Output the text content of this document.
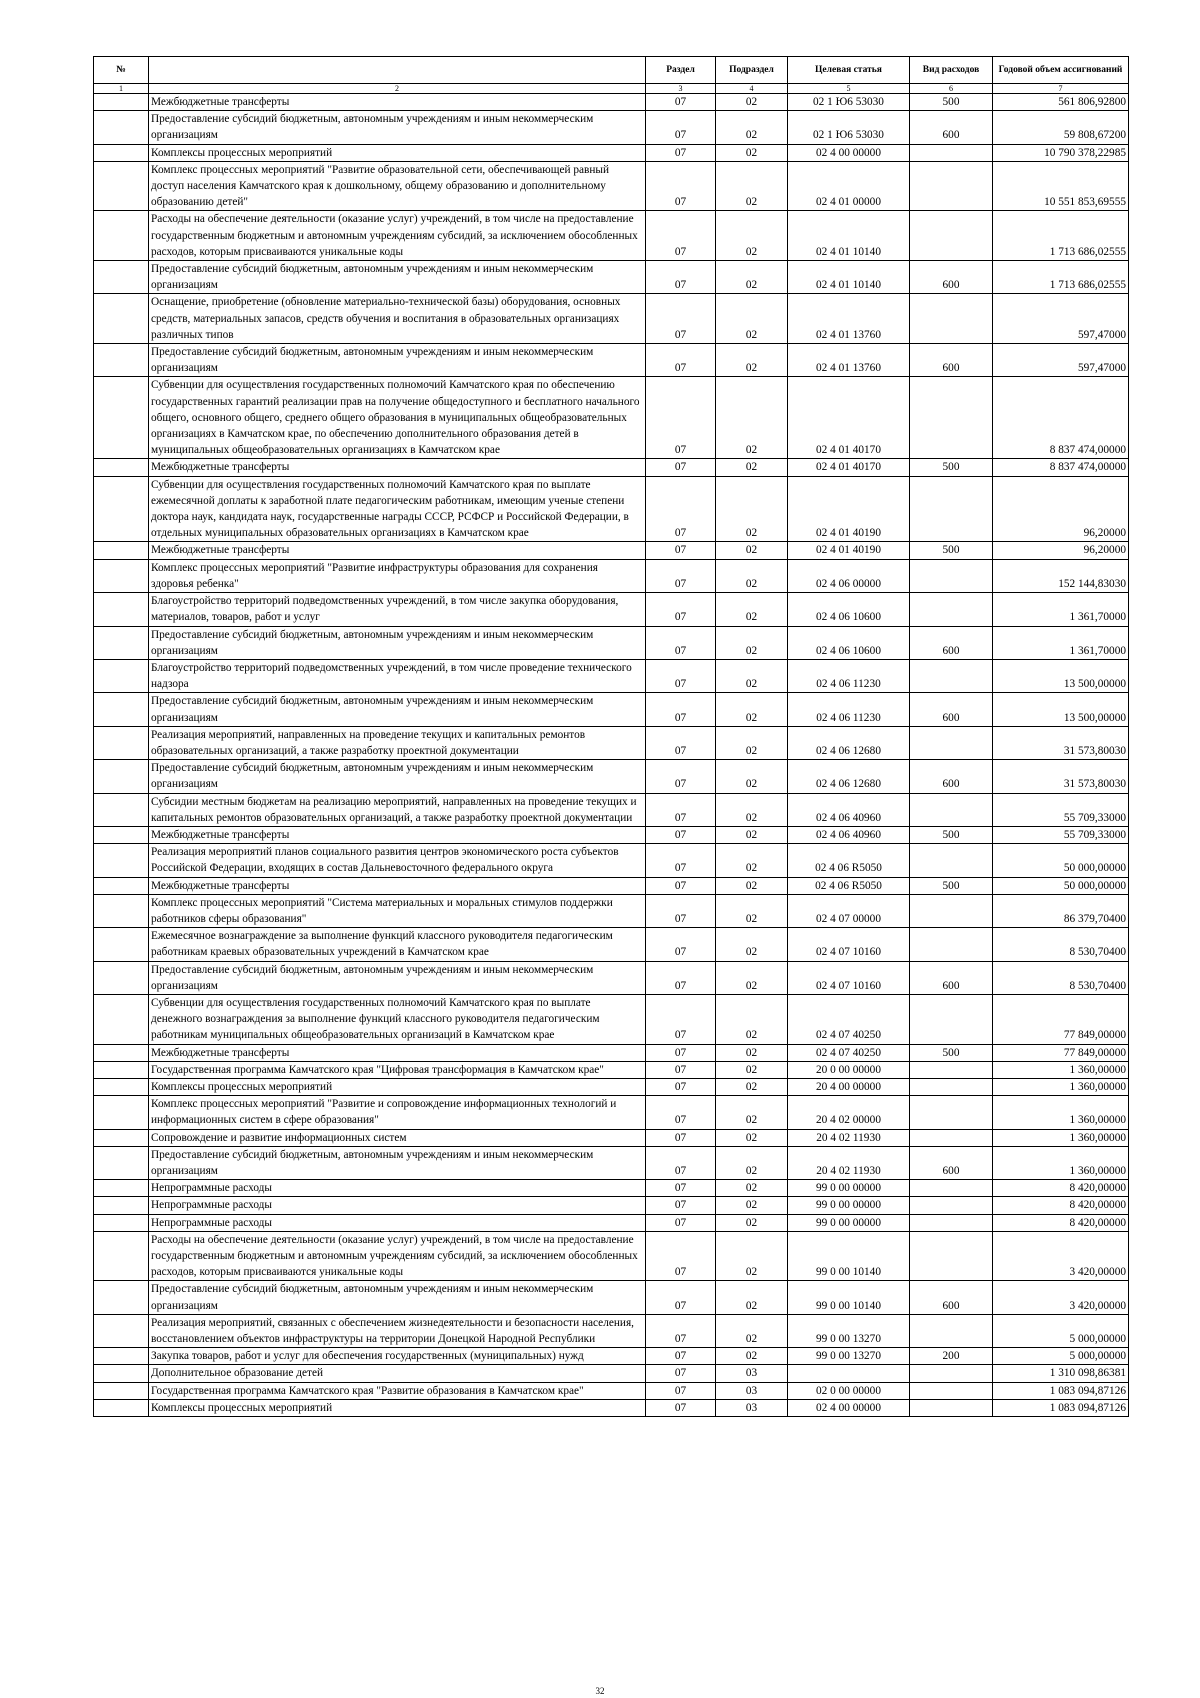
№		Раздел	Подраздел	Целевая статья	Вид расходов	Годовой объем ассигнований
1	2	3	4	5	6	7
	Межбюджетные трансферты	07	02	02 1 Ю6 53030	500	561 806,92800
	Предоставление субсидий бюджетным, автономным учреждениям и иным некоммерческим организациям	07	02	02 1 Ю6 53030	600	59 808,67200
	Комплексы процессных мероприятий	07	02	02 4 00 00000		10 790 378,22985
	Комплекс процессных мероприятий "Развитие образовательной сети, обеспечивающей равный доступ населения Камчатского края к дошкольному, общему образованию и дополнительному образованию детей"	07	02	02 4 01 00000		10 551 853,69555
	Расходы на обеспечение деятельности (оказание услуг) учреждений, в том числе на предоставление государственным бюджетным и автономным учреждениям субсидий, за исключением обособленных расходов, которым присваиваются уникальные коды	07	02	02 4 01 10140		1 713 686,02555
	Предоставление субсидий бюджетным, автономным учреждениям и иным некоммерческим организациям	07	02	02 4 01 10140	600	1 713 686,02555
	Оснащение, приобретение (обновление материально-технической базы) оборудования, основных средств, материальных запасов, средств обучения и воспитания в образовательных организациях различных типов	07	02	02 4 01 13760		597,47000
	Предоставление субсидий бюджетным, автономным учреждениям и иным некоммерческим организациям	07	02	02 4 01 13760	600	597,47000
	Субвенции для осуществления государственных полномочий Камчатского края по обеспечению государственных гарантий реализации прав на получение общедоступного и бесплатного начального общего, основного общего, среднего общего образования в муниципальных общеобразовательных организациях в Камчатском крае, по обеспечению дополнительного образования детей в муниципальных общеобразовательных организациях в Камчатском крае	07	02	02 4 01 40170		8 837 474,00000
	Межбюджетные трансферты	07	02	02 4 01 40170	500	8 837 474,00000
	Субвенции для осуществления государственных полномочий Камчатского края по выплате ежемесячной доплаты к заработной плате педагогическим работникам, имеющим ученые степени доктора наук, кандидата наук, государственные награды СССР, РСФСР и Российской Федерации, в отдельных муниципальных образовательных организациях в Камчатском крае	07	02	02 4 01 40190		96,20000
	Межбюджетные трансферты	07	02	02 4 01 40190	500	96,20000
	Комплекс процессных мероприятий "Развитие инфраструктуры образования для сохранения здоровья ребенка"	07	02	02 4 06 00000		152 144,83030
	Благоустройство территорий подведомственных учреждений, в том числе закупка оборудования, материалов, товаров, работ и услуг	07	02	02 4 06 10600		1 361,70000
	Предоставление субсидий бюджетным, автономным учреждениям и иным некоммерческим организациям	07	02	02 4 06 10600	600	1 361,70000
	Благоустройство территорий подведомственных учреждений, в том числе проведение технического надзора	07	02	02 4 06 11230		13 500,00000
	Предоставление субсидий бюджетным, автономным учреждениям и иным некоммерческим организациям	07	02	02 4 06 11230	600	13 500,00000
	Реализация мероприятий, направленных на проведение текущих и капитальных ремонтов образовательных организаций, а также разработку проектной документации	07	02	02 4 06 12680		31 573,80030
	Предоставление субсидий бюджетным, автономным учреждениям и иным некоммерческим организациям	07	02	02 4 06 12680	600	31 573,80030
	Субсидии местным бюджетам на реализацию мероприятий, направленных на проведение текущих и капитальных ремонтов образовательных организаций, а также разработку проектной документации	07	02	02 4 06 40960		55 709,33000
	Межбюджетные трансферты	07	02	02 4 06 40960	500	55 709,33000
	Реализация мероприятий планов социального развития центров экономического роста субъектов Российской Федерации, входящих в состав Дальневосточного федерального округа	07	02	02 4 06 R5050		50 000,00000
	Межбюджетные трансферты	07	02	02 4 06 R5050	500	50 000,00000
	Комплекс процессных мероприятий "Система материальных и моральных стимулов поддержки работников сферы образования"	07	02	02 4 07 00000		86 379,70400
	Ежемесячное вознаграждение за выполнение функций классного руководителя педагогическим работникам краевых образовательных учреждений в Камчатском крае	07	02	02 4 07 10160		8 530,70400
	Предоставление субсидий бюджетным, автономным учреждениям и иным некоммерческим организациям	07	02	02 4 07 10160	600	8 530,70400
	Субвенции для осуществления государственных полномочий Камчатского края по выплате денежного вознаграждения за выполнение функций классного руководителя педагогическим работникам муниципальных общеобразовательных организаций в Камчатском крае	07	02	02 4 07 40250		77 849,00000
	Межбюджетные трансферты	07	02	02 4 07 40250	500	77 849,00000
	Государственная программа Камчатского края "Цифровая трансформация в Камчатском крае"	07	02	20 0 00 00000		1 360,00000
	Комплексы процессных мероприятий	07	02	20 4 00 00000		1 360,00000
	Комплекс процессных мероприятий "Развитие и сопровождение информационных технологий и информационных систем в сфере образования"	07	02	20 4 02 00000		1 360,00000
	Сопровождение и развитие информационных систем	07	02	20 4 02 11930		1 360,00000
	Предоставление субсидий бюджетным, автономным учреждениям и иным некоммерческим организациям	07	02	20 4 02 11930	600	1 360,00000
	Непрограммные расходы	07	02	99 0 00 00000		8 420,00000
	Непрограммные расходы	07	02	99 0 00 00000		8 420,00000
	Непрограммные расходы	07	02	99 0 00 00000		8 420,00000
	Расходы на обеспечение деятельности (оказание услуг) учреждений, в том числе на предоставление государственным бюджетным и автономным учреждениям субсидий, за исключением обособленных расходов, которым присваиваются уникальные коды	07	02	99 0 00 10140		3 420,00000
	Предоставление субсидий бюджетным, автономным учреждениям и иным некоммерческим организациям	07	02	99 0 00 10140	600	3 420,00000
	Реализация мероприятий, связанных с обеспечением жизнедеятельности и безопасности населения, восстановлением объектов инфраструктуры на территории Донецкой Народной Республики	07	02	99 0 00 13270		5 000,00000
	Закупка товаров, работ и услуг для обеспечения государственных (муниципальных) нужд	07	02	99 0 00 13270	200	5 000,00000
	Дополнительное образование детей	07	03			1 310 098,86381
	Государственная программа Камчатского края "Развитие образования в Камчатском крае"	07	03	02 0 00 00000		1 083 094,87126
	Комплексы процессных мероприятий	07	03	02 4 00 00000		1 083 094,87126
32
